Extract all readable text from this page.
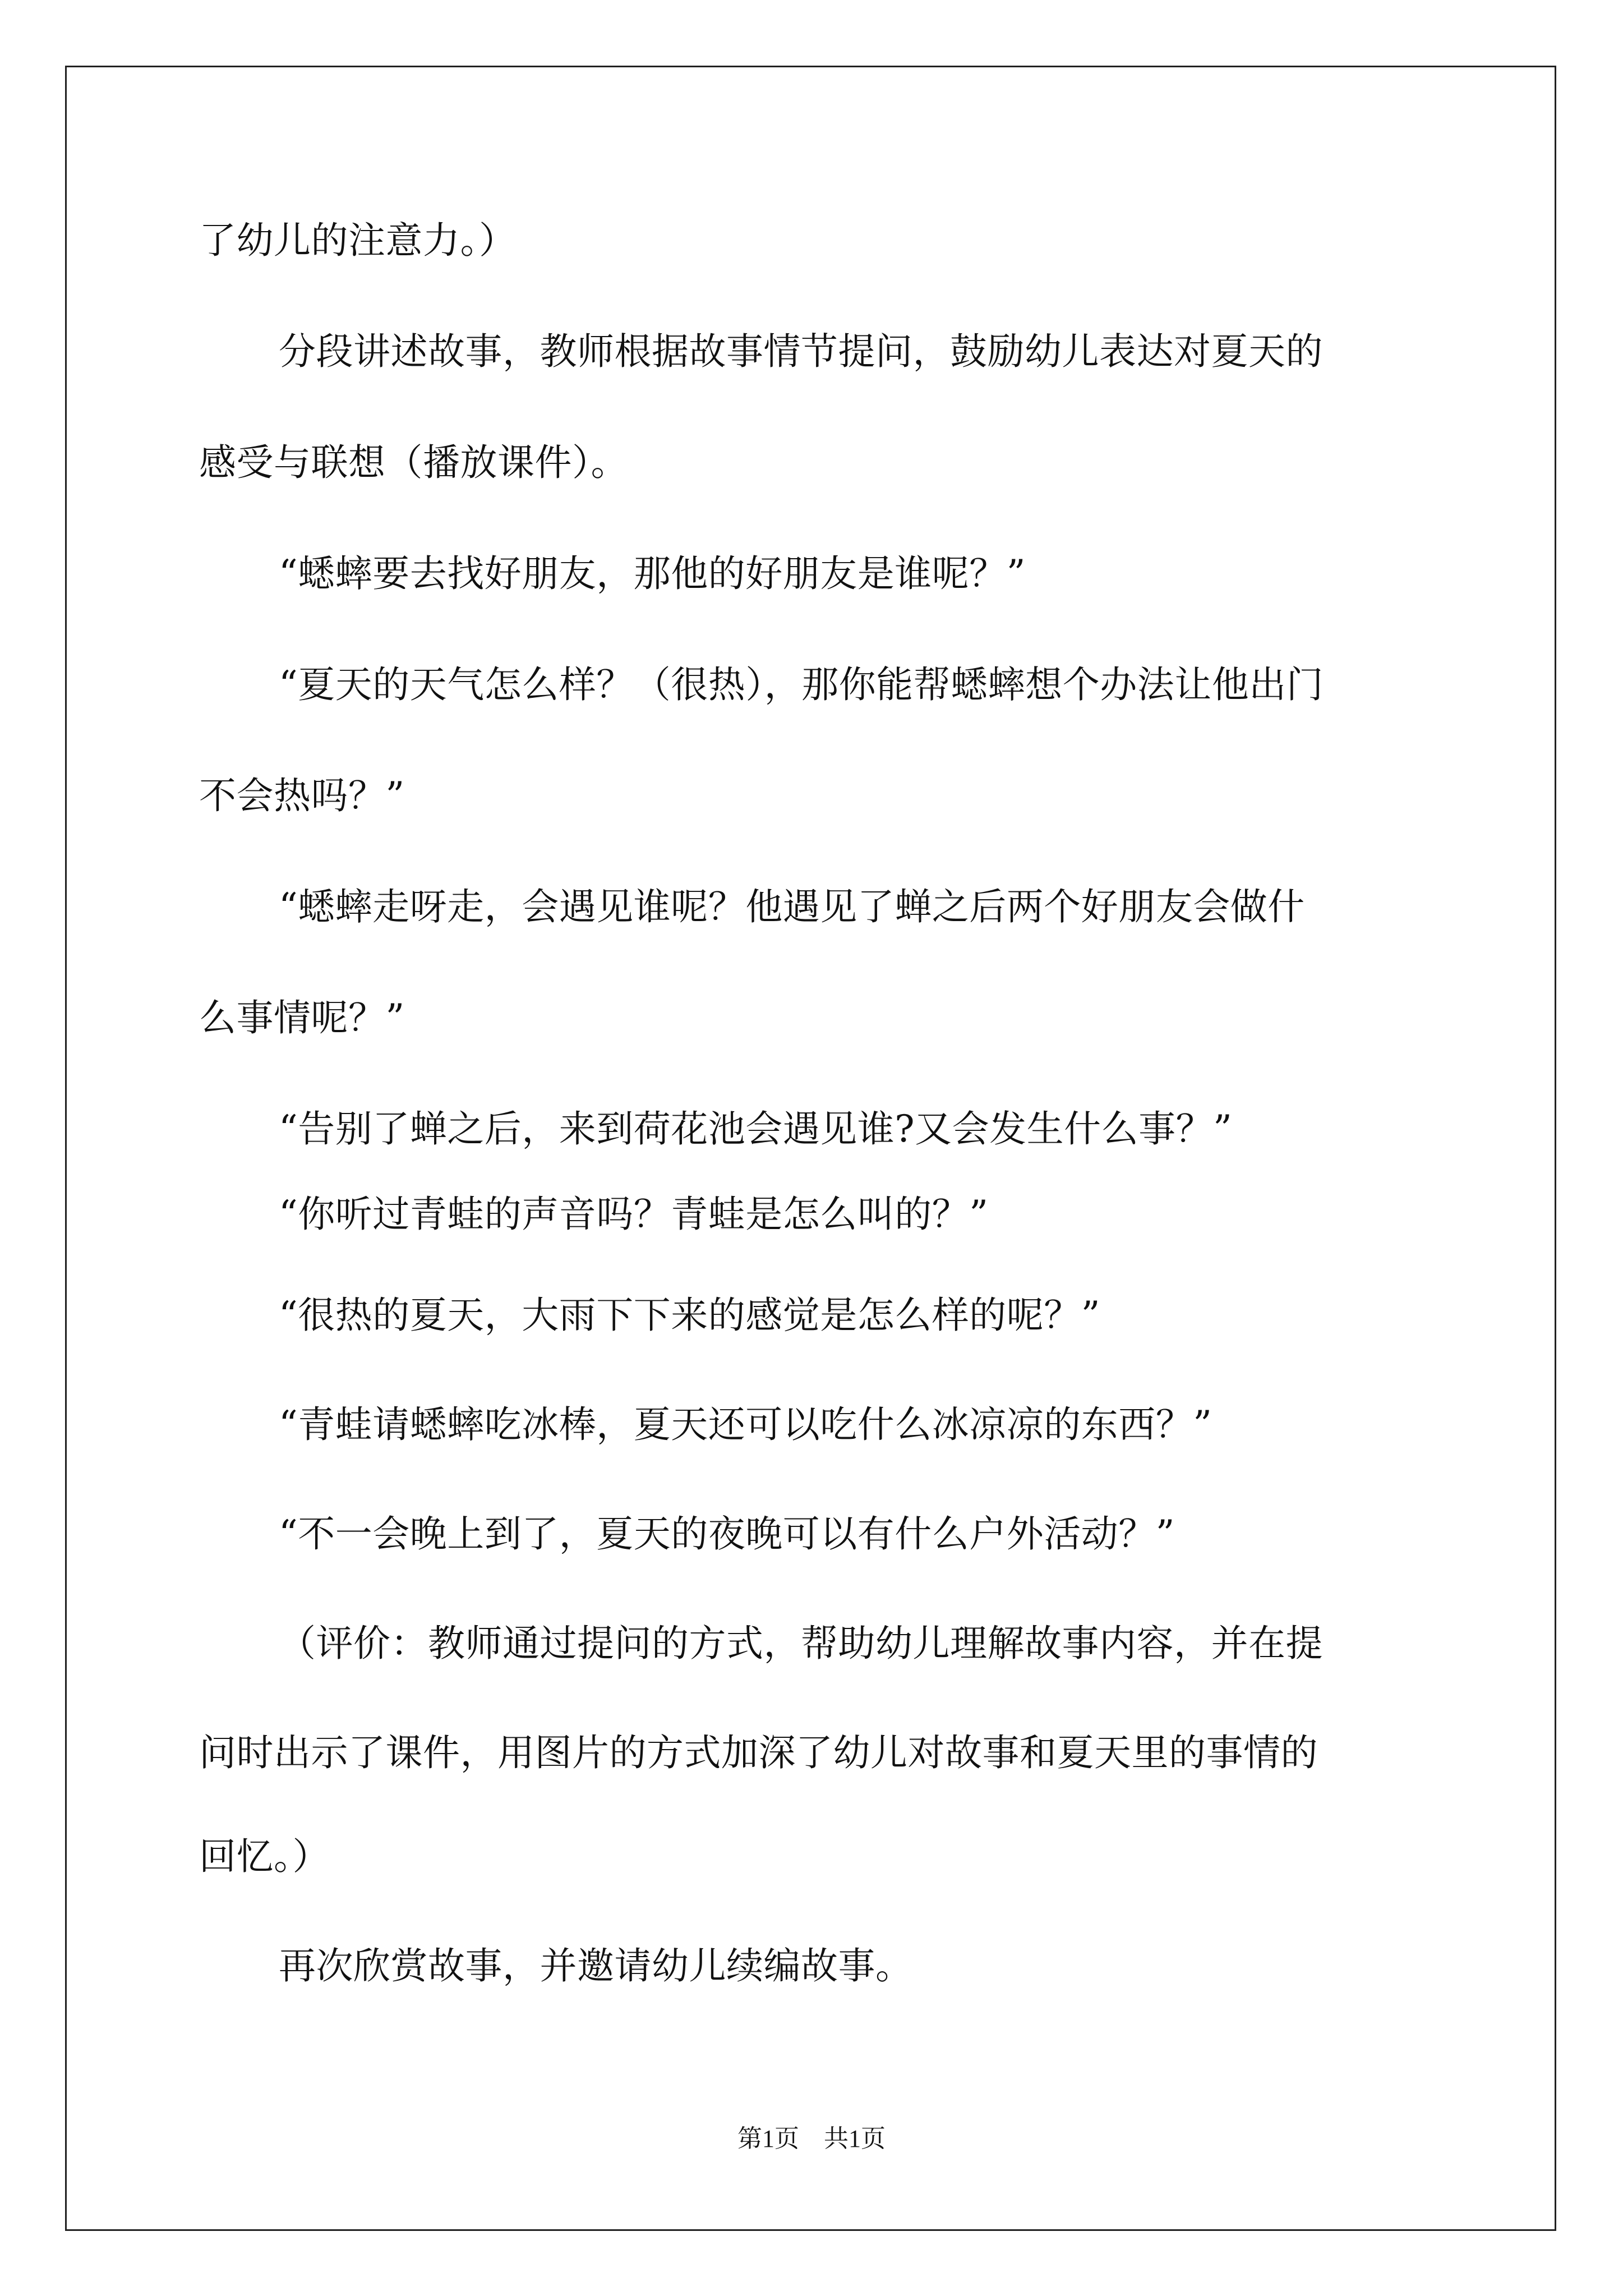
了幼儿的注意力。）

分段讲述故事，教师根据故事情节提问，鼓励幼儿表达对夏天的

感受与联想（播放课件）。

“蟋蟀要去找好朋友，那他的好朋友是谁呢？”

“夏天的天气怎么样？（很热），那你能帮蟋蟀想个办法让他出门

不会热吗？”

“蟋蟀走呀走，会遇见谁呢？他遇见了蝉之后两个好朋友会做什

么事情呢？”

“告别了蝉之后，来到荷花池会遇见谁?又会发生什么事？”

“你听过青蛙的声音吗？青蛙是怎么叫的？”

“很热的夏天，大雨下下来的感觉是怎么样的呢？”

“青蛙请蟋蟀吃冰棒，夏天还可以吃什么冰凉凉的东西？”

“不一会晚上到了，夏天的夜晚可以有什么户外活动？”

（评价：教师通过提问的方式，帮助幼儿理解故事内容，并在提

问时出示了课件，用图片的方式加深了幼儿对故事和夏天里的事情的

回忆。）

再次欣赏故事，并邀请幼儿续编故事。

第1页　共1页
